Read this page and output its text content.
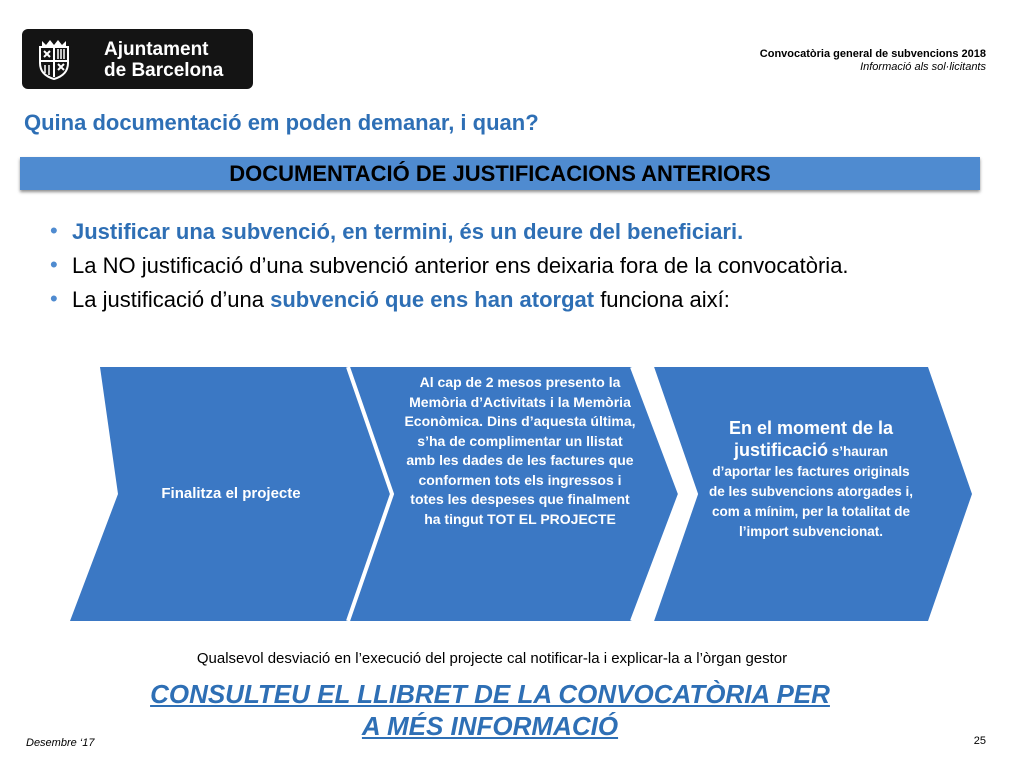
Ajuntament
de Barcelona
Convocatòria general de subvencions 2018
Informació als sol·licitants
Quina documentació em poden demanar, i quan?
DOCUMENTACIÓ DE JUSTIFICACIONS ANTERIORS
• Justificar una subvenció, en termini, és un deure del beneficiari.
• La NO justificació d’una subvenció anterior ens deixaria fora de la convocatòria.
• La justificació d’una subvenció que ens han atorgat funciona així:
Finalitza el projecte
Al cap de 2 mesos presento la Memòria d’Activitats i la Memòria Econòmica. Dins d’aquesta última, s’ha de complimentar un llistat amb les dades de les factures que conformen tots els ingressos i totes les despeses que finalment ha tingut TOT EL PROJECTE
En el moment de la justificació s’hauran d’aportar les factures originals de les subvencions atorgades i, com a mínim, per la totalitat de l’import subvencionat.
Qualsevol desviació en l’execució del projecte cal notificar-la i explicar-la a l’òrgan gestor
CONSULTEU EL LLIBRET DE LA CONVOCATÒRIA PER A MÉS INFORMACIÓ
Desembre ‘17	25
